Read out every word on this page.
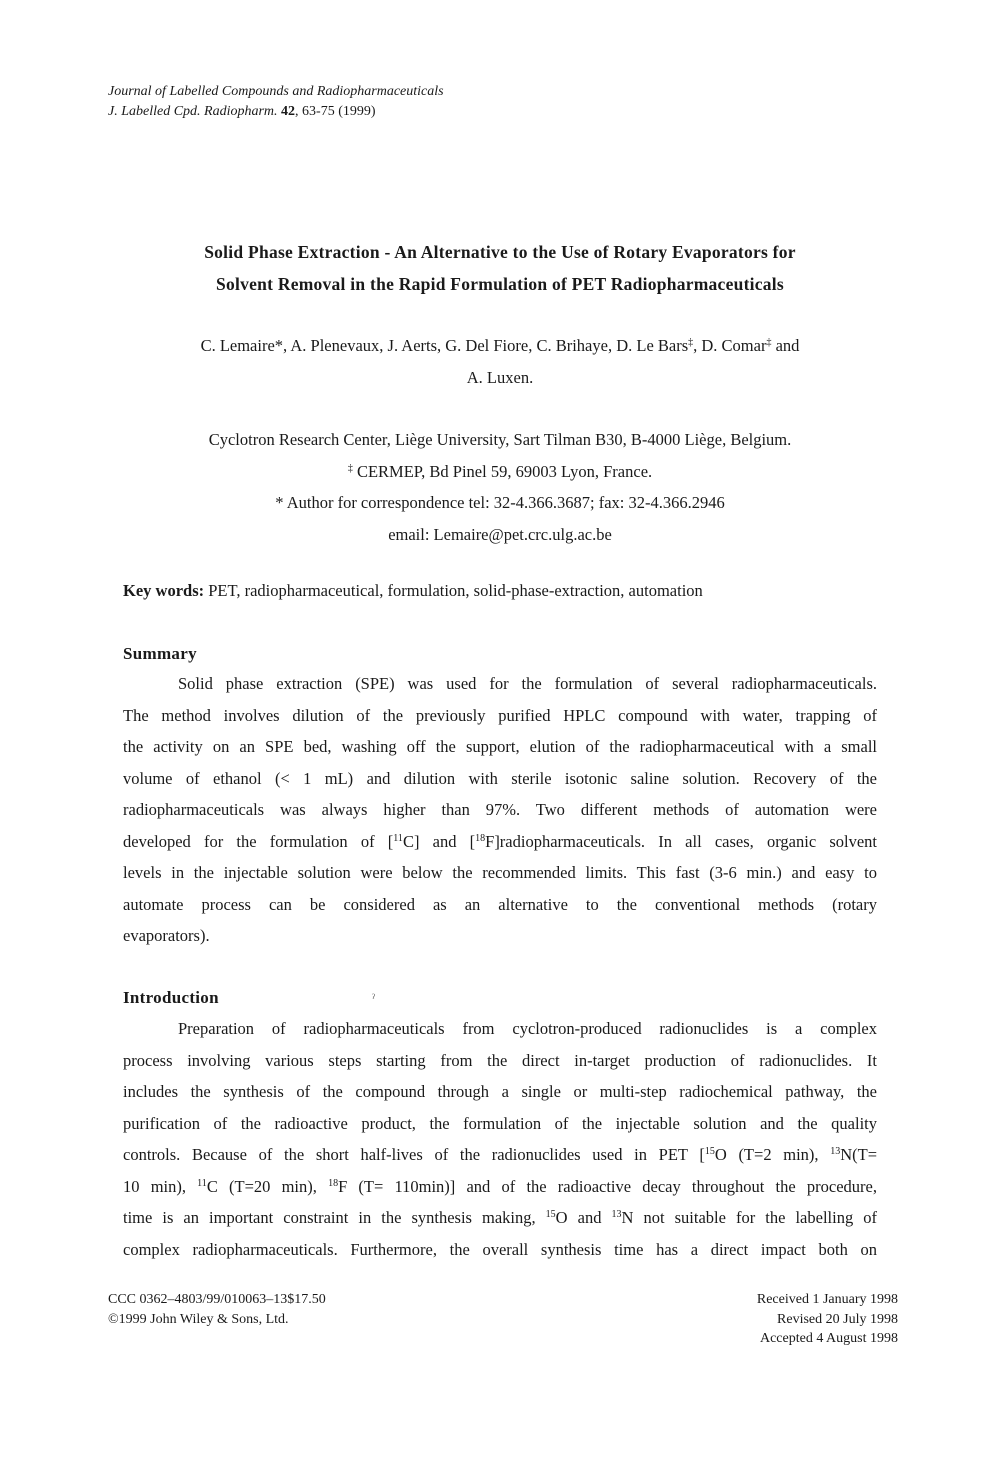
Journal of Labelled Compounds and Radiopharmaceuticals
J. Labelled Cpd. Radiopharm. 42, 63-75 (1999)
Solid Phase Extraction - An Alternative to the Use of Rotary Evaporators for
Solvent Removal in the Rapid Formulation of PET Radiopharmaceuticals
C. Lemaire*, A. Plenevaux, J. Aerts, G. Del Fiore, C. Brihaye, D. Le Bars‡, D. Comar‡ and
A. Luxen.
Cyclotron Research Center, Liège University, Sart Tilman B30, B-4000 Liège, Belgium.
‡ CERMEP, Bd Pinel 59, 69003 Lyon, France.
* Author for correspondence tel: 32-4.366.3687; fax: 32-4.366.2946
email: Lemaire@pet.crc.ulg.ac.be
Key words: PET, radiopharmaceutical, formulation, solid-phase-extraction, automation
Summary
Solid phase extraction (SPE) was used for the formulation of several radiopharmaceuticals.
The method involves dilution of the previously purified HPLC compound with water, trapping of
the activity on an SPE bed, washing off the support, elution of the radiopharmaceutical with a small
volume of ethanol (< 1 mL) and dilution with sterile isotonic saline solution. Recovery of the
radiopharmaceuticals was always higher than 97%. Two different methods of automation were
developed for the formulation of [$^{11}$C] and [$^{18}$F]radiopharmaceuticals. In all cases, organic solvent
levels in the injectable solution were below the recommended limits. This fast (3-6 min.) and easy to
automate process can be considered as an alternative to the conventional methods (rotary
evaporators).
Introduction	ˀ
Preparation of radiopharmaceuticals from cyclotron-produced radionuclides is a complex
process involving various steps starting from the direct in-target production of radionuclides. It
includes the synthesis of the compound through a single or multi-step radiochemical pathway, the
purification of the radioactive product, the formulation of the injectable solution and the quality
controls. Because of the short half-lives of the radionuclides used in PET [$^{15}$O (T=2 min), $^{13}$N(T=
10 min), $^{11}$C (T=20 min), $^{18}$F (T= 110min)] and of the radioactive decay throughout the procedure,
time is an important constraint in the synthesis making, $^{15}$O and $^{13}$N not suitable for the labelling of
complex radiopharmaceuticals. Furthermore, the overall synthesis time has a direct impact both on
CCC 0362–4803/99/010063–13$17.50
©1999 John Wiley & Sons, Ltd.
Received 1 January 1998
Revised 20 July 1998
Accepted 4 August 1998
